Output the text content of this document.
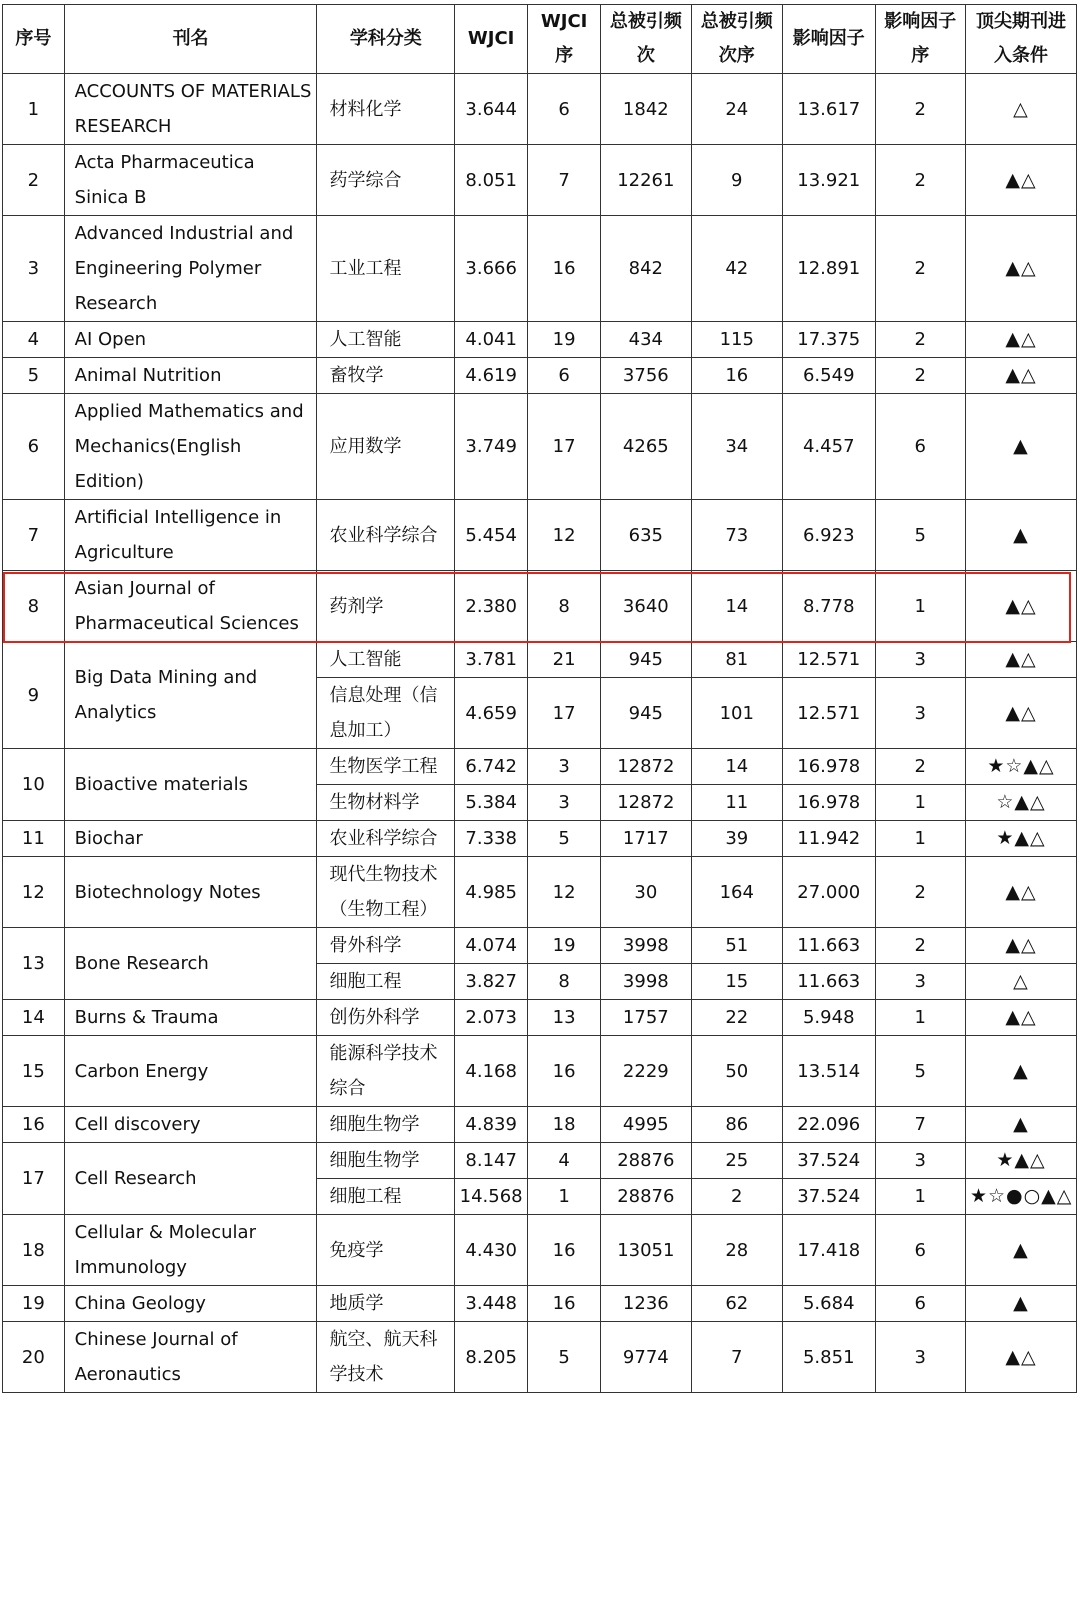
序号	刊名	学科分类	WJCI	WJCI序	总被引频次	总被引频次序	影响因子	影响因子序	顶尖期刊进入条件
1	ACCOUNTS OF MATERIALS RESEARCH	材料化学	3.644	6	1842	24	13.617	2	△
2	Acta Pharmaceutica Sinica B	药学综合	8.051	7	12261	9	13.921	2	▲△
3	Advanced Industrial and Engineering Polymer Research	工业工程	3.666	16	842	42	12.891	2	▲△
4	AI Open	人工智能	4.041	19	434	115	17.375	2	▲△
5	Animal Nutrition	畜牧学	4.619	6	3756	16	6.549	2	▲△
6	Applied Mathematics and Mechanics(English Edition)	应用数学	3.749	17	4265	34	4.457	6	▲
7	Artificial Intelligence in Agriculture	农业科学综合	5.454	12	635	73	6.923	5	▲
8	Asian Journal of Pharmaceutical Sciences	药剂学	2.380	8	3640	14	8.778	1	▲△
9	Big Data Mining and Analytics	人工智能	3.781	21	945	81	12.571	3	▲△
		信息处理（信息加工）	4.659	17	945	101	12.571	3	▲△
10	Bioactive materials	生物医学工程	6.742	3	12872	14	16.978	2	★☆▲△
		生物材料学	5.384	3	12872	11	16.978	1	☆▲△
11	Biochar	农业科学综合	7.338	5	1717	39	11.942	1	★▲△
12	Biotechnology Notes	现代生物技术（生物工程）	4.985	12	30	164	27.000	2	▲△
13	Bone Research	骨外科学	4.074	19	3998	51	11.663	2	▲△
		细胞工程	3.827	8	3998	15	11.663	3	△
14	Burns & Trauma	创伤外科学	2.073	13	1757	22	5.948	1	▲△
15	Carbon Energy	能源科学技术综合	4.168	16	2229	50	13.514	5	▲
16	Cell discovery	细胞生物学	4.839	18	4995	86	22.096	7	▲
17	Cell Research	细胞生物学	8.147	4	28876	25	37.524	3	★▲△
		细胞工程	14.568	1	28876	2	37.524	1	★☆●○▲△
18	Cellular & Molecular Immunology	免疫学	4.430	16	13051	28	17.418	6	▲
19	China Geology	地质学	3.448	16	1236	62	5.684	6	▲
20	Chinese Journal of Aeronautics	航空、航天科学技术	8.205	5	9774	7	5.851	3	▲△
